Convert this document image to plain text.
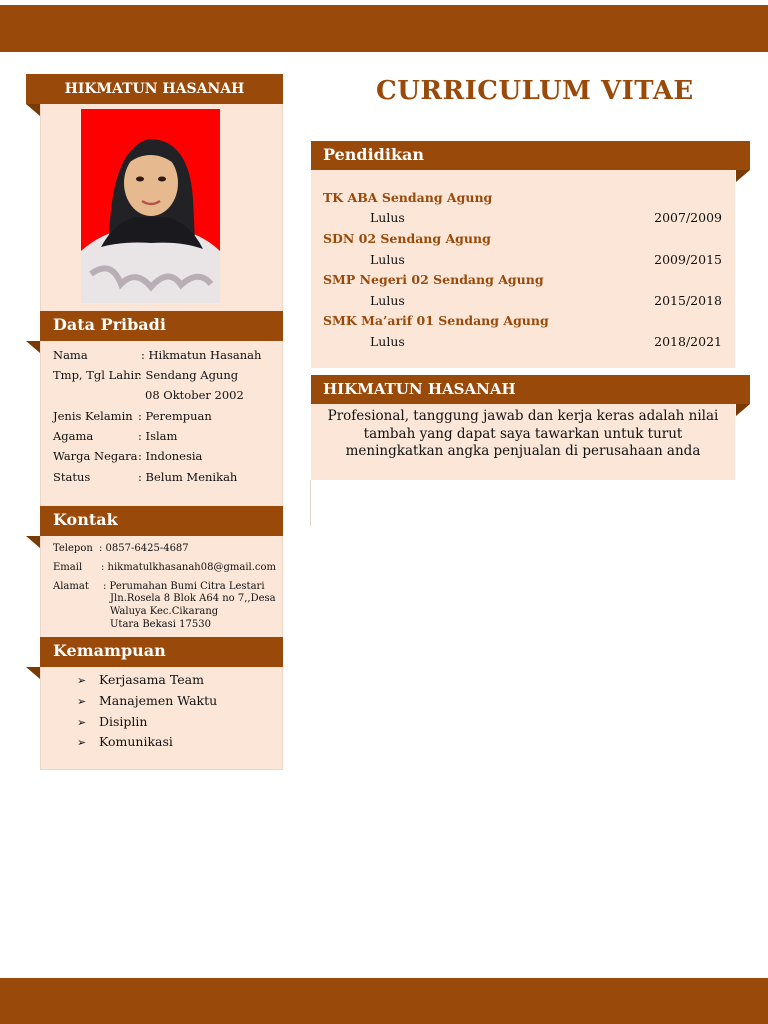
HIKMATUN HASANAH
Data Pribadi
Nama	: Hikmatun Hasanah
Tmp, Tgl Lahir
: Sendang Agung
08 Oktober 2002
Jenis Kelamin : Perempuan
Agama	: Islam
Warga Negara : Indonesia
Status	: Belum Menikah
Kontak
Telepon : 0857-6425-4687
Email : hikmatulkhasanah08@gmail.com
Alamat : Perumahan Bumi Citra Lestari
Jln.Rosela 8 Blok A64 no 7,,Desa
Waluya Kec.Cikarang
Utara Bekasi 17530
Kemampuan
➢ Kerjasama Team
➢ Manajemen Waktu
➢ Disiplin
➢ Komunikasi
CURRICULUM VITAE
Pendidikan
TK ABA Sendang Agung
Lulus	2007/2009
SDN 02 Sendang Agung
Lulus	2009/2015
SMP Negeri 02 Sendang Agung
Lulus	2015/2018
SMK Ma’arif 01 Sendang Agung
Lulus	2018/2021
HIKMATUN HASANAH
Profesional, tanggung jawab dan kerja keras adalah nilai tambah yang dapat saya tawarkan untuk turut meningkatkan angka penjualan di perusahaan anda
